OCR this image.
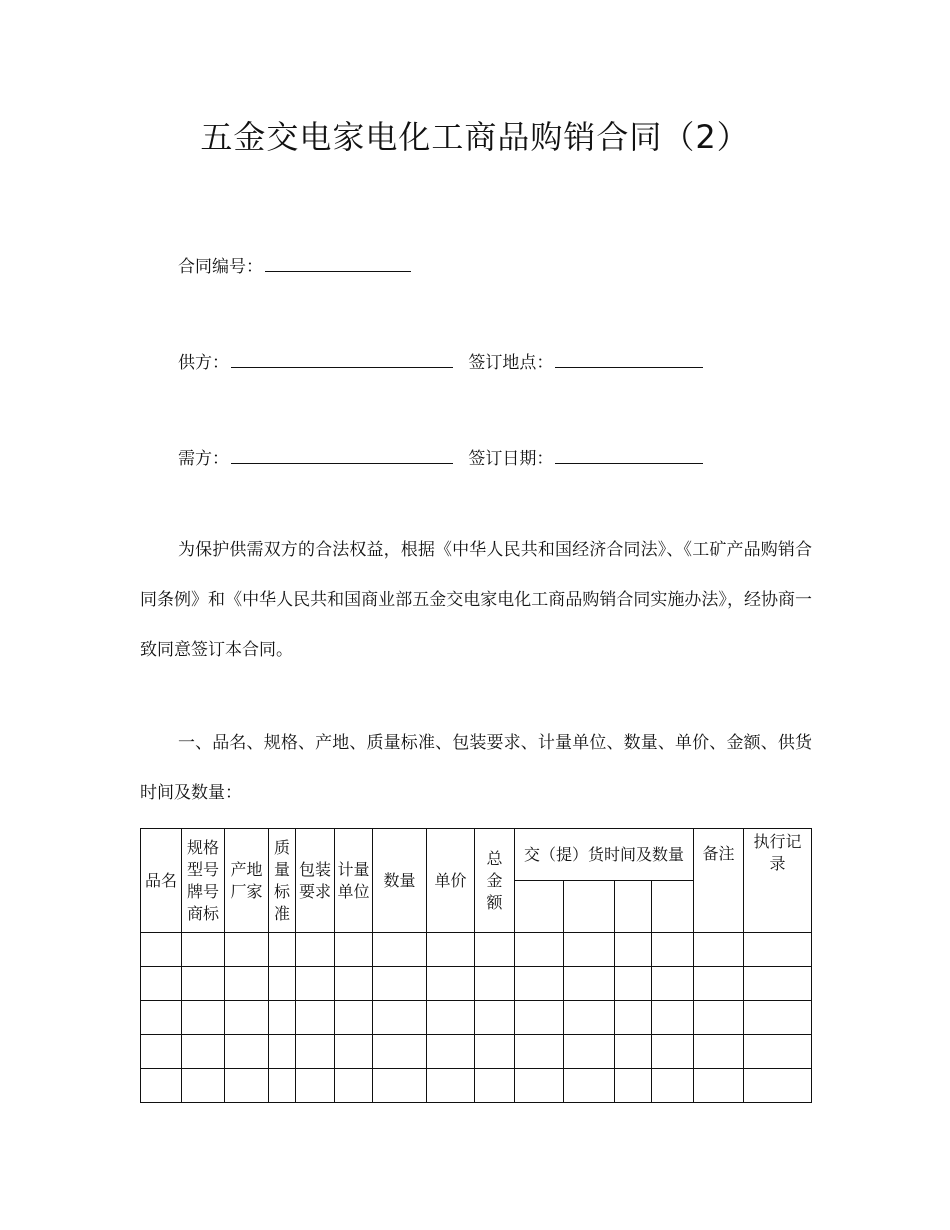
五金交电家电化工商品购销合同（2）
合同编号：
供方：	签订地点：
需方：	签订日期：
为保护供需双方的合法权益，根据《中华人民共和国经济合同法》、《工矿产品购销合同条例》和《中华人民共和国商业部五金交电家电化工商品购销合同实施办法》，经协商一致同意签订本合同。
一、品名、规格、产地、质量标准、包装要求、计量单位、数量、单价、金额、供货时间及数量：
品名	规格型号牌号商标	产地厂家	质量标准	包装要求	计量单位	数量	单价	总金额	交（提）货时间及数量				备注	执行记录
